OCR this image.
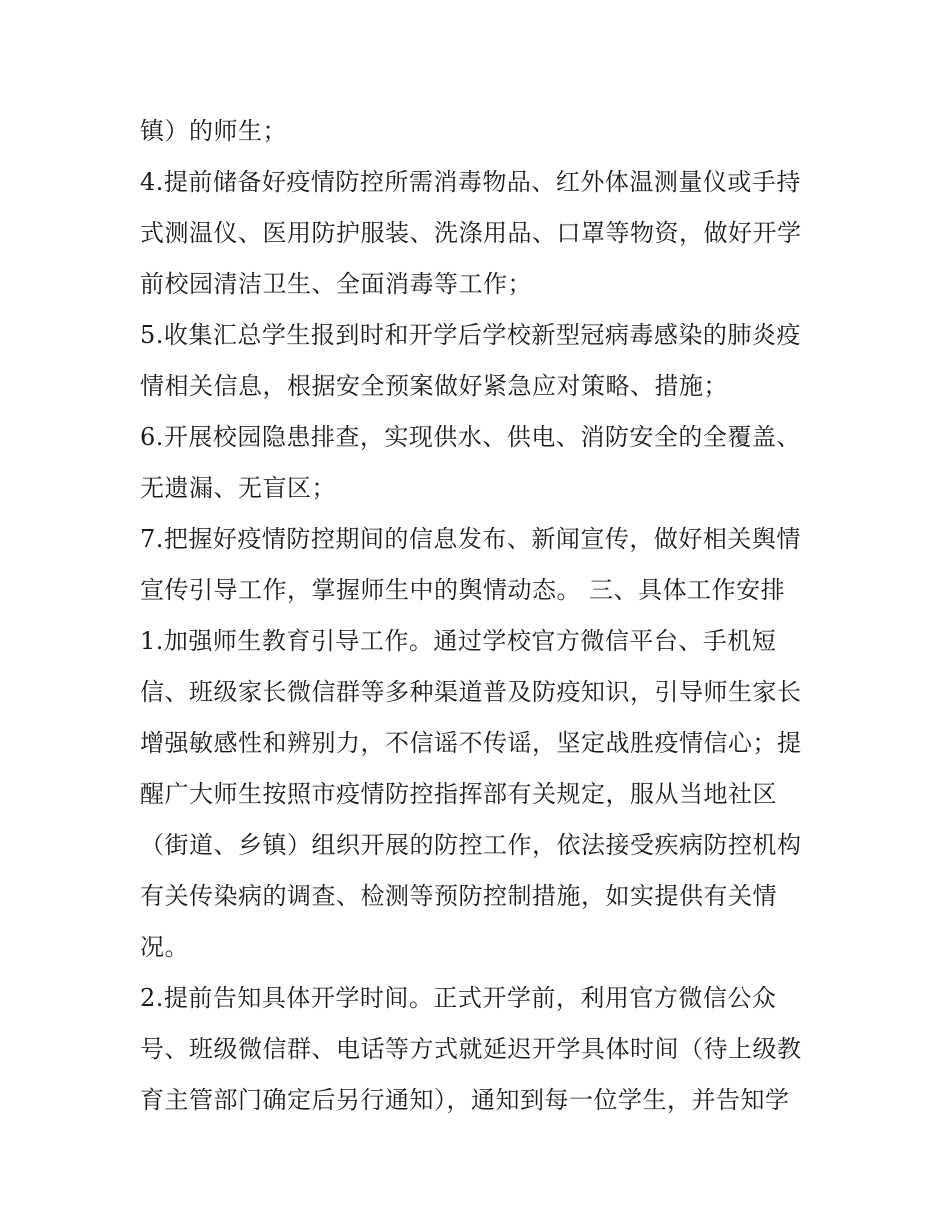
镇）的师生；
4.提前储备好疫情防控所需消毒物品、红外体温测量仪或手持
式测温仪、医用防护服装、洗涤用品、口罩等物资，做好开学
前校园清洁卫生、全面消毒等工作；
5.收集汇总学生报到时和开学后学校新型冠病毒感染的肺炎疫
情相关信息，根据安全预案做好紧急应对策略、措施；
6.开展校园隐患排查，实现供水、供电、消防安全的全覆盖、
无遗漏、无盲区；
7.把握好疫情防控期间的信息发布、新闻宣传，做好相关舆情
宣传引导工作，掌握师生中的舆情动态。 三、具体工作安排
1.加强师生教育引导工作。通过学校官方微信平台、手机短
信、班级家长微信群等多种渠道普及防疫知识，引导师生家长
增强敏感性和辨别力，不信谣不传谣，坚定战胜疫情信心；提
醒广大师生按照市疫情防控指挥部有关规定，服从当地社区
（街道、乡镇）组织开展的防控工作，依法接受疾病防控机构
有关传染病的调查、检测等预防控制措施，如实提供有关情
况。
2.提前告知具体开学时间。正式开学前，利用官方微信公众
号、班级微信群、电话等方式就延迟开学具体时间（待上级教
育主管部门确定后另行通知），通知到每一位学生，并告知学
